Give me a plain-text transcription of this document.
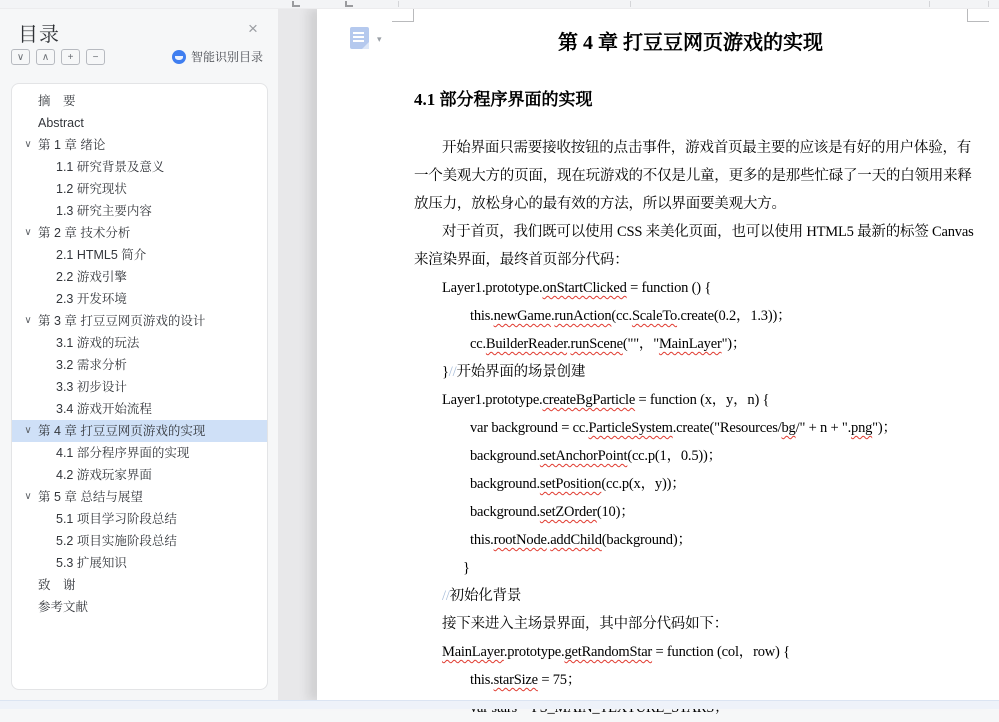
目录	×
∨	∧	+	−	智能识别目录
摘　要
Abstract
∨ 第 1 章 绪论
1.1 研究背景及意义
1.2 研究现状
1.3 研究主要内容
∨ 第 2 章 技术分析
2.1 HTML5 简介
2.2 游戏引擎
2.3 开发环境
∨ 第 3 章 打豆豆网页游戏的设计
3.1 游戏的玩法
3.2 需求分析
3.3 初步设计
3.4 游戏开始流程
∨ 第 4 章 打豆豆网页游戏的实现
4.1 部分程序界面的实现
4.2 游戏玩家界面
∨ 第 5 章 总结与展望
5.1 项目学习阶段总结
5.2 项目实施阶段总结
5.3 扩展知识
致　谢
参考文献
▾	第 4 章 打豆豆网页游戏的实现
4.1 部分程序界面的实现
开始界面只需要接收按钮的点击事件，游戏首页最主要的应该是有好的用户体验，有
一个美观大方的页面，现在玩游戏的不仅是儿童，更多的是那些忙碌了一天的白领用来释
放压力，放松身心的最有效的方法，所以界面要美观大方。
对于首页，我们既可以使用 CSS 来美化页面，也可以使用 HTML5 最新的标签 Canvas
来渲染界面，最终首页部分代码：
Layer1.prototype.onStartClicked = function () {
this.newGame.runAction(cc.ScaleTo.create(0.2，1.3))；
cc.BuilderReader.runScene(""，"MainLayer")；
}//开始界面的场景创建
Layer1.prototype.createBgParticle = function (x，y，n) {
var background = cc.ParticleSystem.create("Resources/bg/" + n + ".png")；
background.setAnchorPoint(cc.p(1，0.5))；
background.setPosition(cc.p(x，y))；
background.setZOrder(10)；
this.rootNode.addChild(background)；
}
//初始化背景
接下来进入主场景界面，其中部分代码如下：
MainLayer.prototype.getRandomStar = function (col，row) {
this.starSize = 75；
